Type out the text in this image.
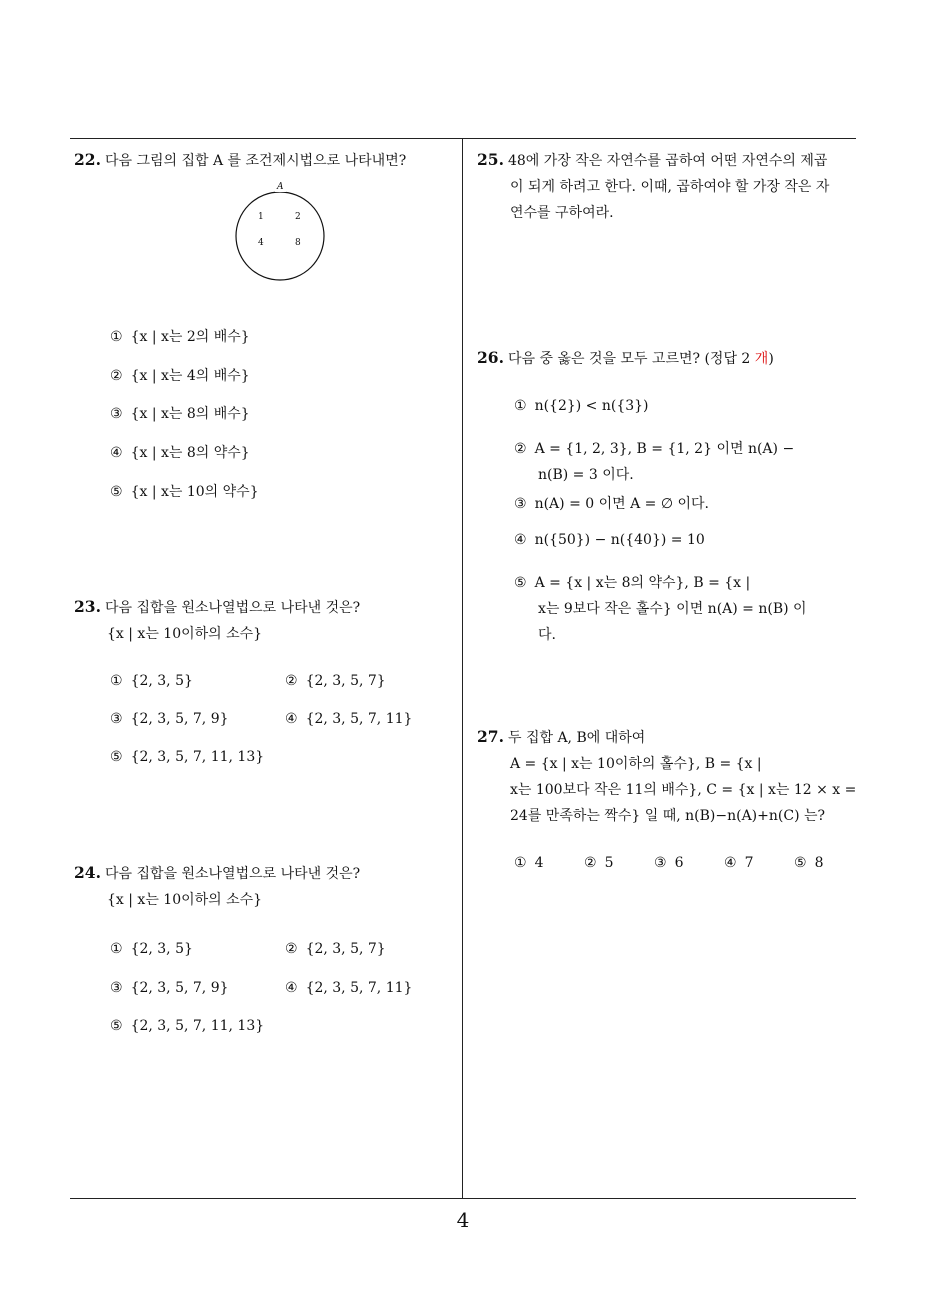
22. 다음 그림의 집합 A 를 조건제시법으로 나타내면?
A
1	2
4	8
① {x | x는 2의 배수}
② {x | x는 4의 배수}
③ {x | x는 8의 배수}
④ {x | x는 8의 약수}
⑤ {x | x는 10의 약수}
23. 다음 집합을 원소나열법으로 나타낸 것은?
{x | x는 10이하의 소수}
① {2, 3, 5}	② {2, 3, 5, 7}
③ {2, 3, 5, 7, 9}	④ {2, 3, 5, 7, 11}
⑤ {2, 3, 5, 7, 11, 13}
24. 다음 집합을 원소나열법으로 나타낸 것은?
{x | x는 10이하의 소수}
① {2, 3, 5}	② {2, 3, 5, 7}
③ {2, 3, 5, 7, 9}	④ {2, 3, 5, 7, 11}
⑤ {2, 3, 5, 7, 11, 13}
25. 48에 가장 작은 자연수를 곱하여 어떤 자연수의 제곱
이 되게 하려고 한다. 이때, 곱하여야 할 가장 작은 자
연수를 구하여라.
26. 다음 중 옳은 것을 모두 고르면? (정답 2 개)
① n({2}) < n({3})
② A = {1, 2, 3}, B = {1, 2} 이면 n(A) −
n(B) = 3 이다.
③ n(A) = 0 이면 A = ∅ 이다.
④ n({50}) − n({40}) = 10
⑤ A = {x | x는 8의 약수}, B = {x |
x는 9보다 작은 홀수} 이면 n(A) = n(B) 이
다.
27. 두 집합 A, B에 대하여
A = {x | x는 10이하의 홀수}, B = {x |
x는 100보다 작은 11의 배수}, C = {x | x는 12 × x =
24를 만족하는 짝수} 일 때, n(B)−n(A)+n(C) 는?
① 4	② 5	③ 6	④ 7	⑤ 8
4
